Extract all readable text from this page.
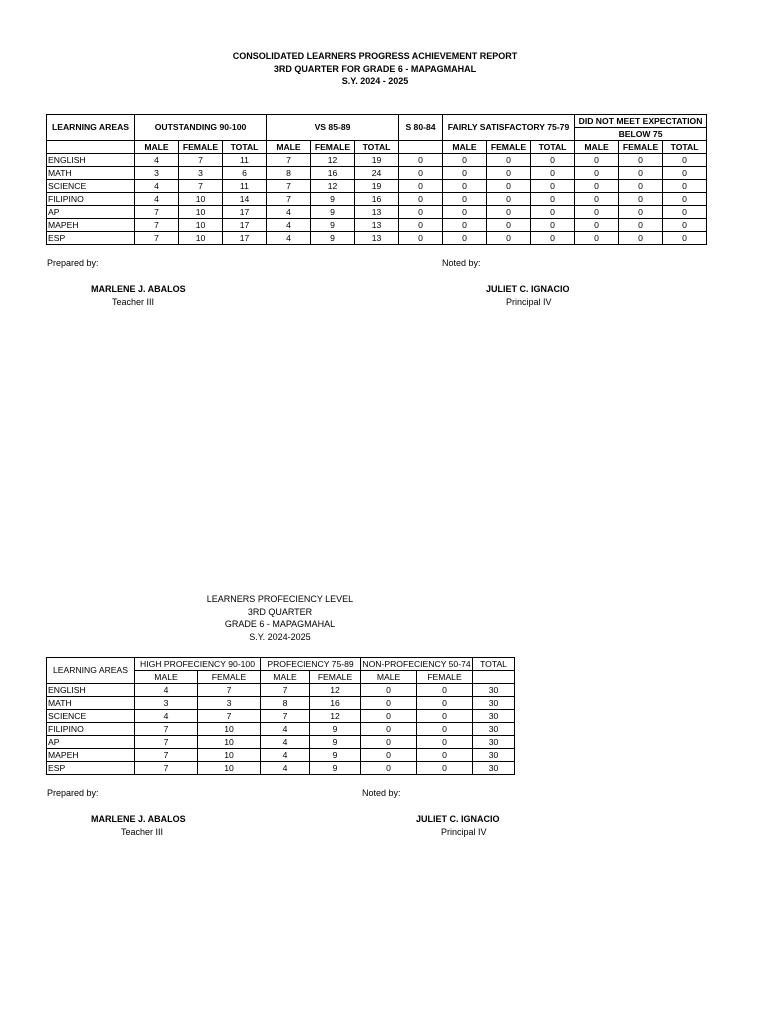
CONSOLIDATED LEARNERS PROGRESS ACHIEVEMENT REPORT
3RD QUARTER FOR GRADE 6 - MAPAGMAHAL
S.Y. 2024 - 2025
LEARNING AREAS	OUTSTANDING 90-100			VS 85-89			S 80-84	FAIRLY SATISFACTORY 75-79			DID NOT MEET EXPECTATION		
											BELOW 75		
	MALE	FEMALE	TOTAL	MALE	FEMALE	TOTAL		MALE	FEMALE	TOTAL	MALE	FEMALE	TOTAL
ENGLISH	4	7	11	7	12	19	0	0	0	0	0	0	0
MATH	3	3	6	8	16	24	0	0	0	0	0	0	0
SCIENCE	4	7	11	7	12	19	0	0	0	0	0	0	0
FILIPINO	4	10	14	7	9	16	0	0	0	0	0	0	0
AP	7	10	17	4	9	13	0	0	0	0	0	0	0
MAPEH	7	10	17	4	9	13	0	0	0	0	0	0	0
ESP	7	10	17	4	9	13	0	0	0	0	0	0	0
Prepared by:	Noted by:
MARLENE J. ABALOS
Teacher III
JULIET C. IGNACIO
Principal IV
LEARNERS PROFECIENCY LEVEL
3RD QUARTER
GRADE 6 - MAPAGMAHAL
S.Y. 2024-2025
LEARNING AREAS	HIGH PROFECIENCY 90-100		PROFECIENCY 75-89		NON-PROFECIENCY 50-74		TOTAL
	MALE	FEMALE	MALE	FEMALE	MALE	FEMALE	
ENGLISH	4	7	7	12	0	0	30
MATH	3	3	8	16	0	0	30
SCIENCE	4	7	7	12	0	0	30
FILIPINO	7	10	4	9	0	0	30
AP	7	10	4	9	0	0	30
MAPEH	7	10	4	9	0	0	30
ESP	7	10	4	9	0	0	30
Prepared by:	Noted by:
MARLENE J. ABALOS
Teacher III
JULIET C. IGNACIO
Principal IV
